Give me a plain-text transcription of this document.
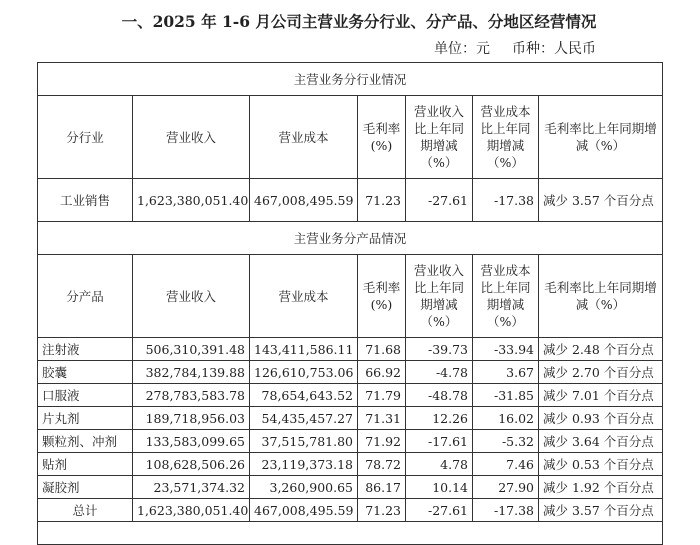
一、2025 年 1-6 月公司主营业务分行业、分产品、分地区经营情况
单位：元 币种：人民币
主营业务分行业情况						
分行业	营业收入	营业成本	毛利率(%)	营业收入比上年同期增减（%）	营业成本比上年同期增减（%）	毛利率比上年同期增减（%）
工业销售	1,623,380,051.40	467,008,495.59	71.23	-27.61	-17.38	减少 3.57 个百分点
主营业务分产品情况						
分产品	营业收入	营业成本	毛利率(%)	营业收入比上年同期增减（%）	营业成本比上年同期增减（%）	毛利率比上年同期增减（%）
注射液	506,310,391.48	143,411,586.11	71.68	-39.73	-33.94	减少 2.48 个百分点
胶囊	382,784,139.88	126,610,753.06	66.92	-4.78	3.67	减少 2.70 个百分点
口服液	278,783,583.78	78,654,643.52	71.79	-48.78	-31.85	减少 7.01 个百分点
片丸剂	189,718,956.03	54,435,457.27	71.31	12.26	16.02	减少 0.93 个百分点
颗粒剂、冲剂	133,583,099.65	37,515,781.80	71.92	-17.61	-5.32	减少 3.64 个百分点
贴剂	108,628,506.26	23,119,373.18	78.72	4.78	7.46	减少 0.53 个百分点
凝胶剂	23,571,374.32	3,260,900.65	86.17	10.14	27.90	减少 1.92 个百分点
总计	1,623,380,051.40	467,008,495.59	71.23	-27.61	-17.38	减少 3.57 个百分点
